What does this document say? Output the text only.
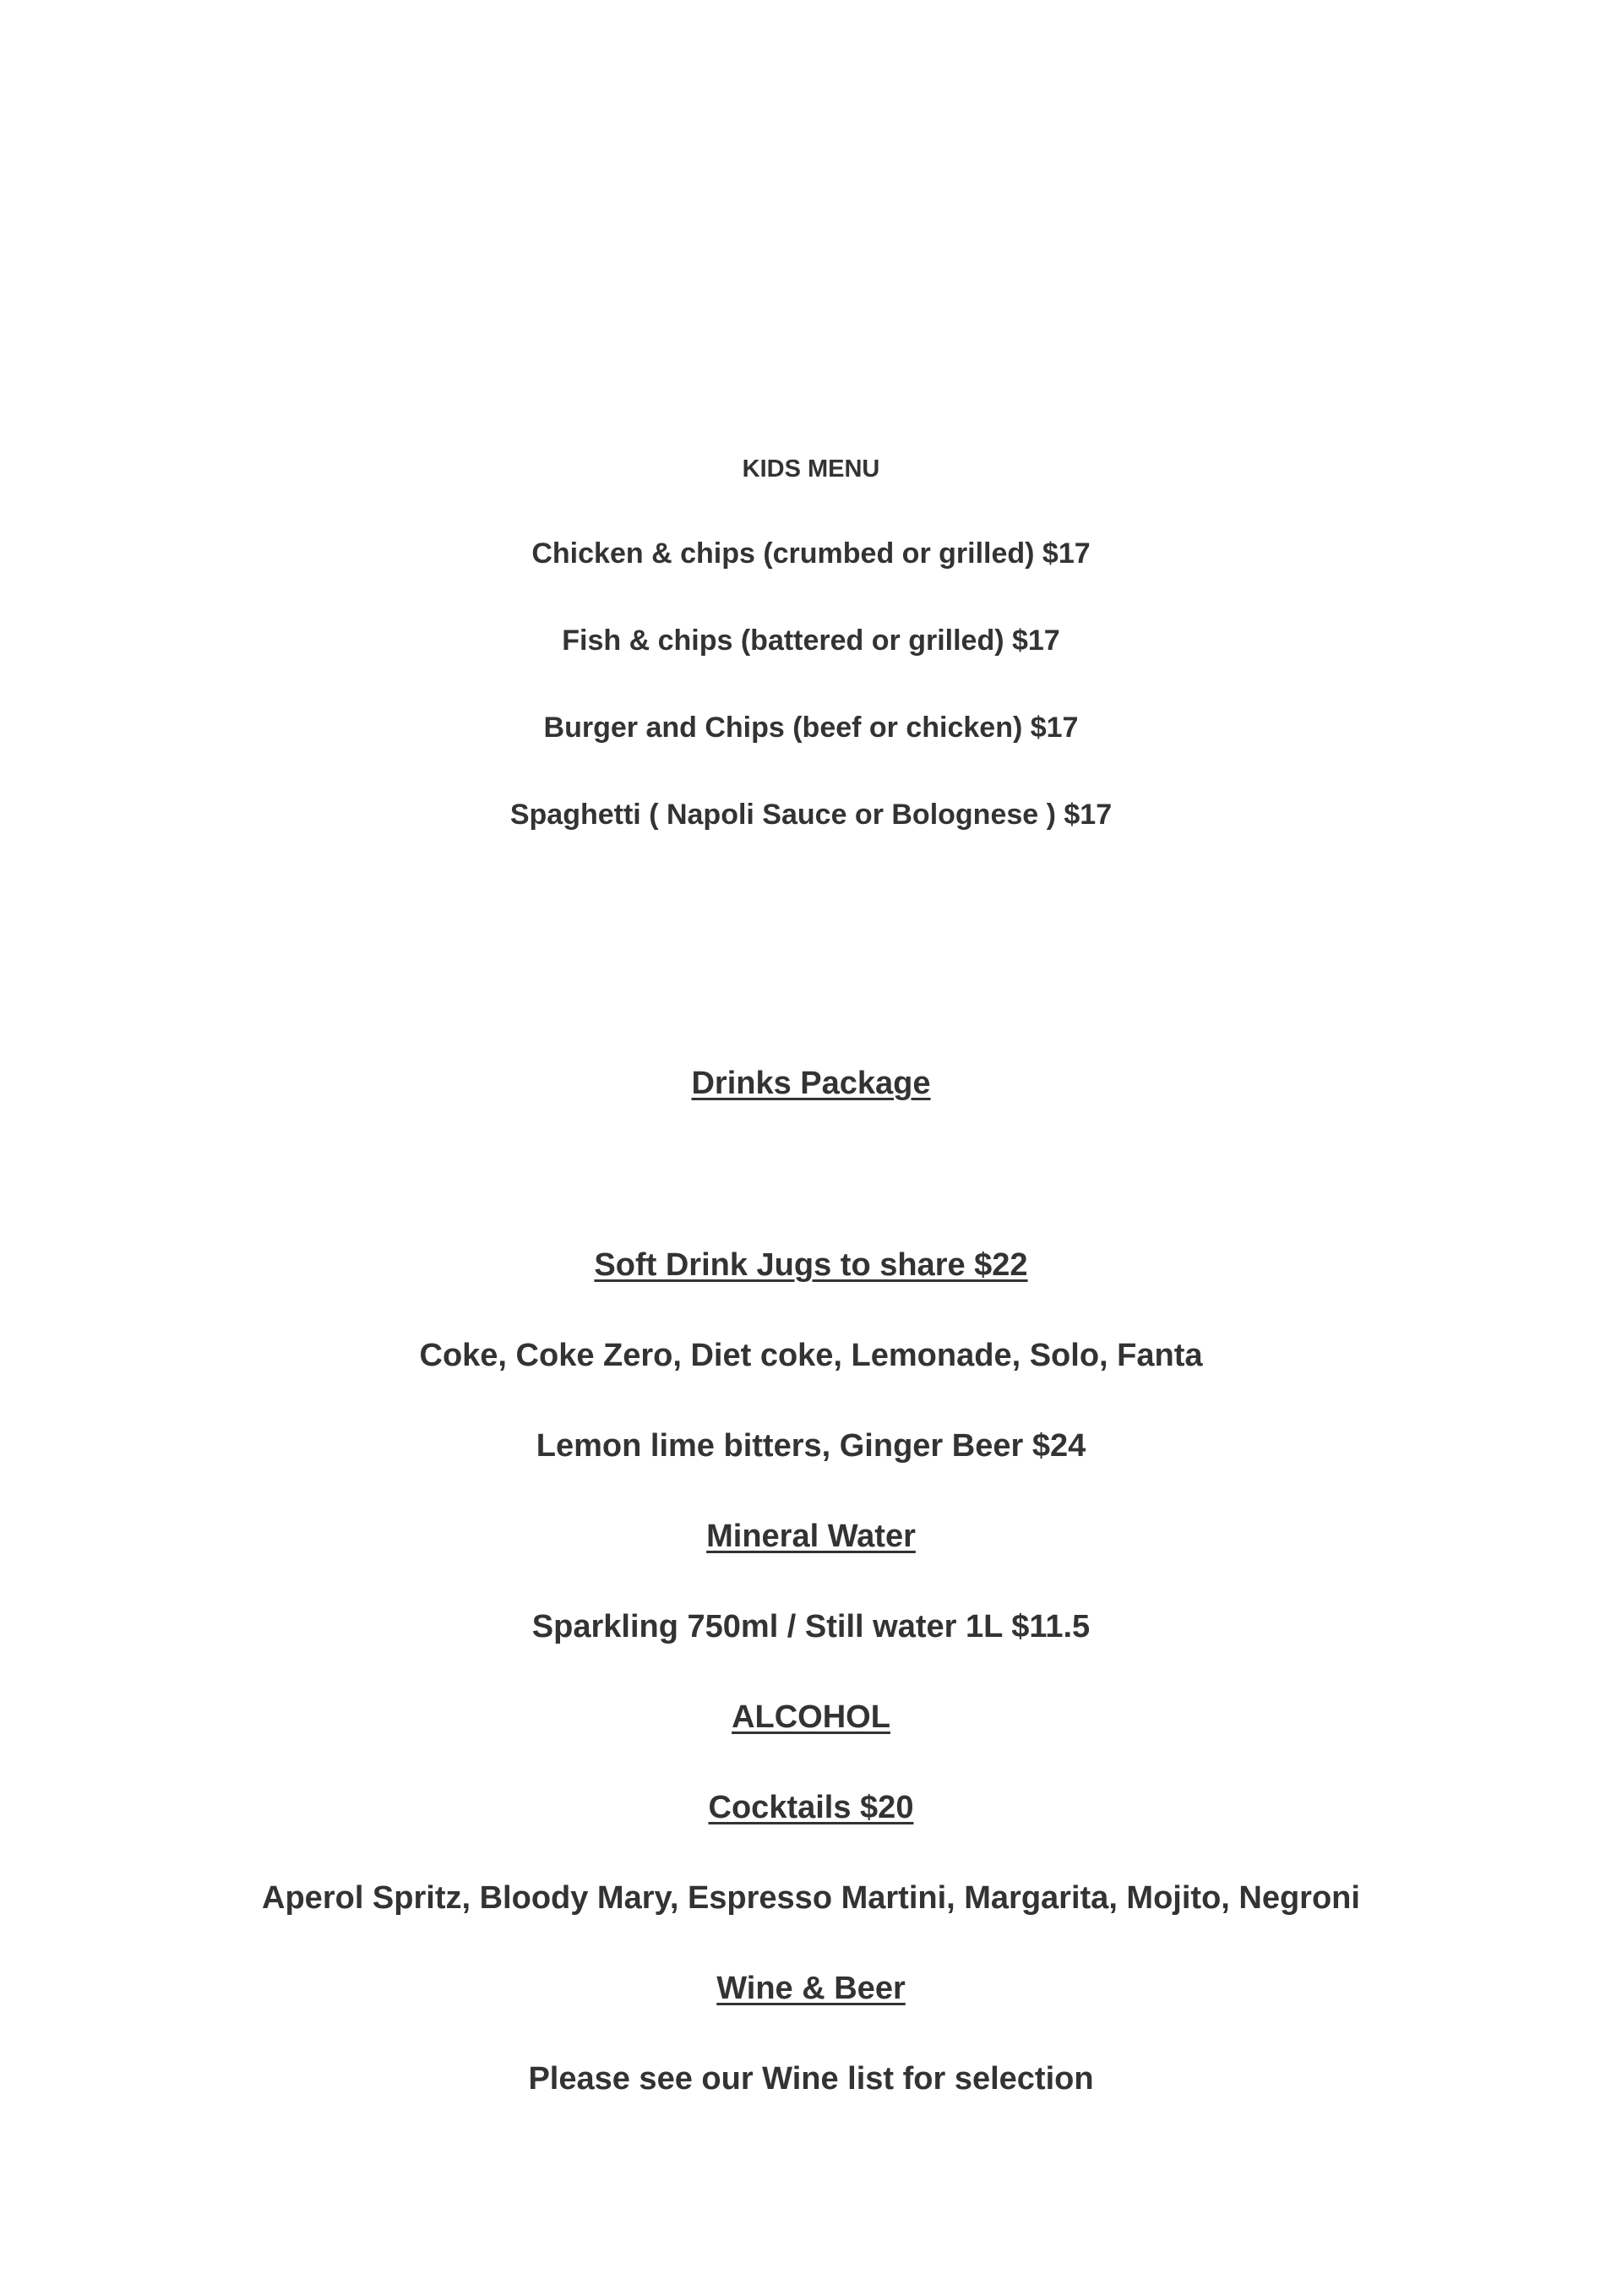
KIDS MENU
Chicken & chips (crumbed or grilled) $17
Fish & chips (battered or grilled) $17
Burger and Chips (beef or chicken) $17
Spaghetti ( Napoli Sauce or Bolognese ) $17
Drinks Package
Soft Drink Jugs to share $22
Coke, Coke Zero, Diet coke, Lemonade, Solo, Fanta
Lemon lime bitters, Ginger Beer $24
Mineral Water
Sparkling 750ml / Still water 1L $11.5
ALCOHOL
Cocktails $20
Aperol Spritz, Bloody Mary, Espresso Martini, Margarita, Mojito, Negroni
Wine & Beer
Please see our Wine list for selection
